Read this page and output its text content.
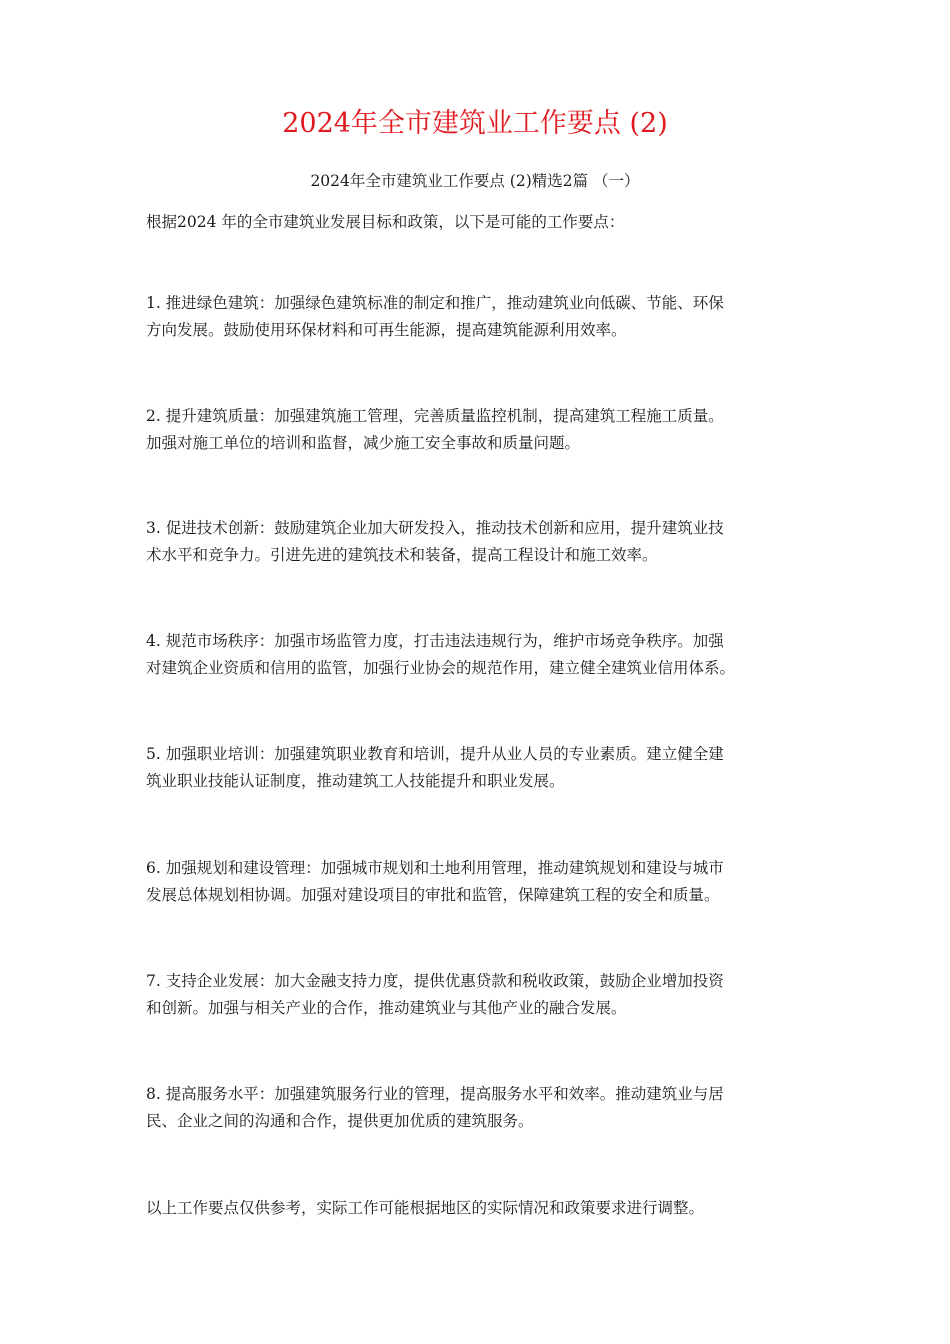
2024年全市建筑业工作要点 (2)
2024年全市建筑业工作要点 (2)精选2篇 （一）
根据2024 年的全市建筑业发展目标和政策，以下是可能的工作要点：
1. 推进绿色建筑：加强绿色建筑标准的制定和推广，推动建筑业向低碳、节能、环保
方向发展。鼓励使用环保材料和可再生能源，提高建筑能源利用效率。
2. 提升建筑质量：加强建筑施工管理，完善质量监控机制，提高建筑工程施工质量。
加强对施工单位的培训和监督，减少施工安全事故和质量问题。
3. 促进技术创新：鼓励建筑企业加大研发投入，推动技术创新和应用，提升建筑业技
术水平和竞争力。引进先进的建筑技术和装备，提高工程设计和施工效率。
4. 规范市场秩序：加强市场监管力度，打击违法违规行为，维护市场竞争秩序。加强
对建筑企业资质和信用的监管，加强行业协会的规范作用，建立健全建筑业信用体系。
5. 加强职业培训：加强建筑职业教育和培训，提升从业人员的专业素质。建立健全建
筑业职业技能认证制度，推动建筑工人技能提升和职业发展。
6. 加强规划和建设管理：加强城市规划和土地利用管理，推动建筑规划和建设与城市
发展总体规划相协调。加强对建设项目的审批和监管，保障建筑工程的安全和质量。
7. 支持企业发展：加大金融支持力度，提供优惠贷款和税收政策，鼓励企业增加投资
和创新。加强与相关产业的合作，推动建筑业与其他产业的融合发展。
8. 提高服务水平：加强建筑服务行业的管理，提高服务水平和效率。推动建筑业与居
民、企业之间的沟通和合作，提供更加优质的建筑服务。
以上工作要点仅供参考，实际工作可能根据地区的实际情况和政策要求进行调整。
